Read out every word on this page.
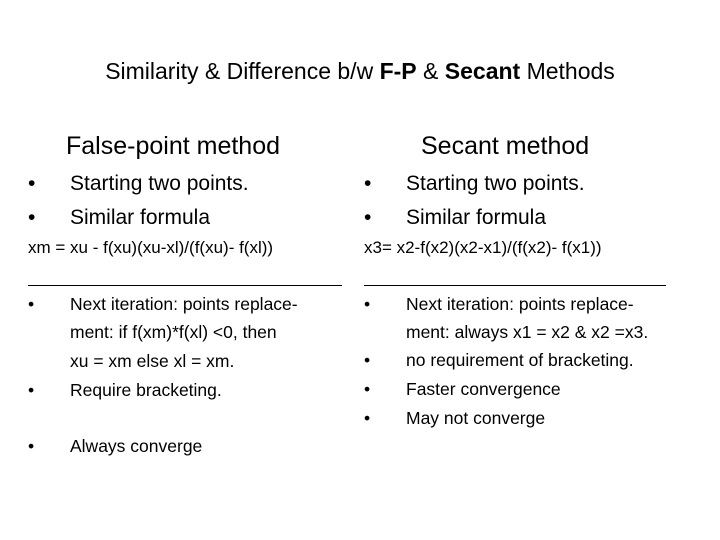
Similarity & Difference b/w F-P & Secant Methods
False-point method
• Starting two points.
• Similar formula
xm = xu - f(xu)(xu-xl)/(f(xu)- f(xl))
• Next iteration: points replace-
ment: if f(xm)*f(xl) <0, then
xu = xm else xl = xm.
• Require bracketing.
• Always converge
Secant method
• Starting two points.
• Similar formula
x3= x2-f(x2)(x2-x1)/(f(x2)- f(x1))
• Next iteration: points replace-
ment: always x1 = x2 & x2 =x3.
• no requirement of bracketing.
• Faster convergence
• May not converge
